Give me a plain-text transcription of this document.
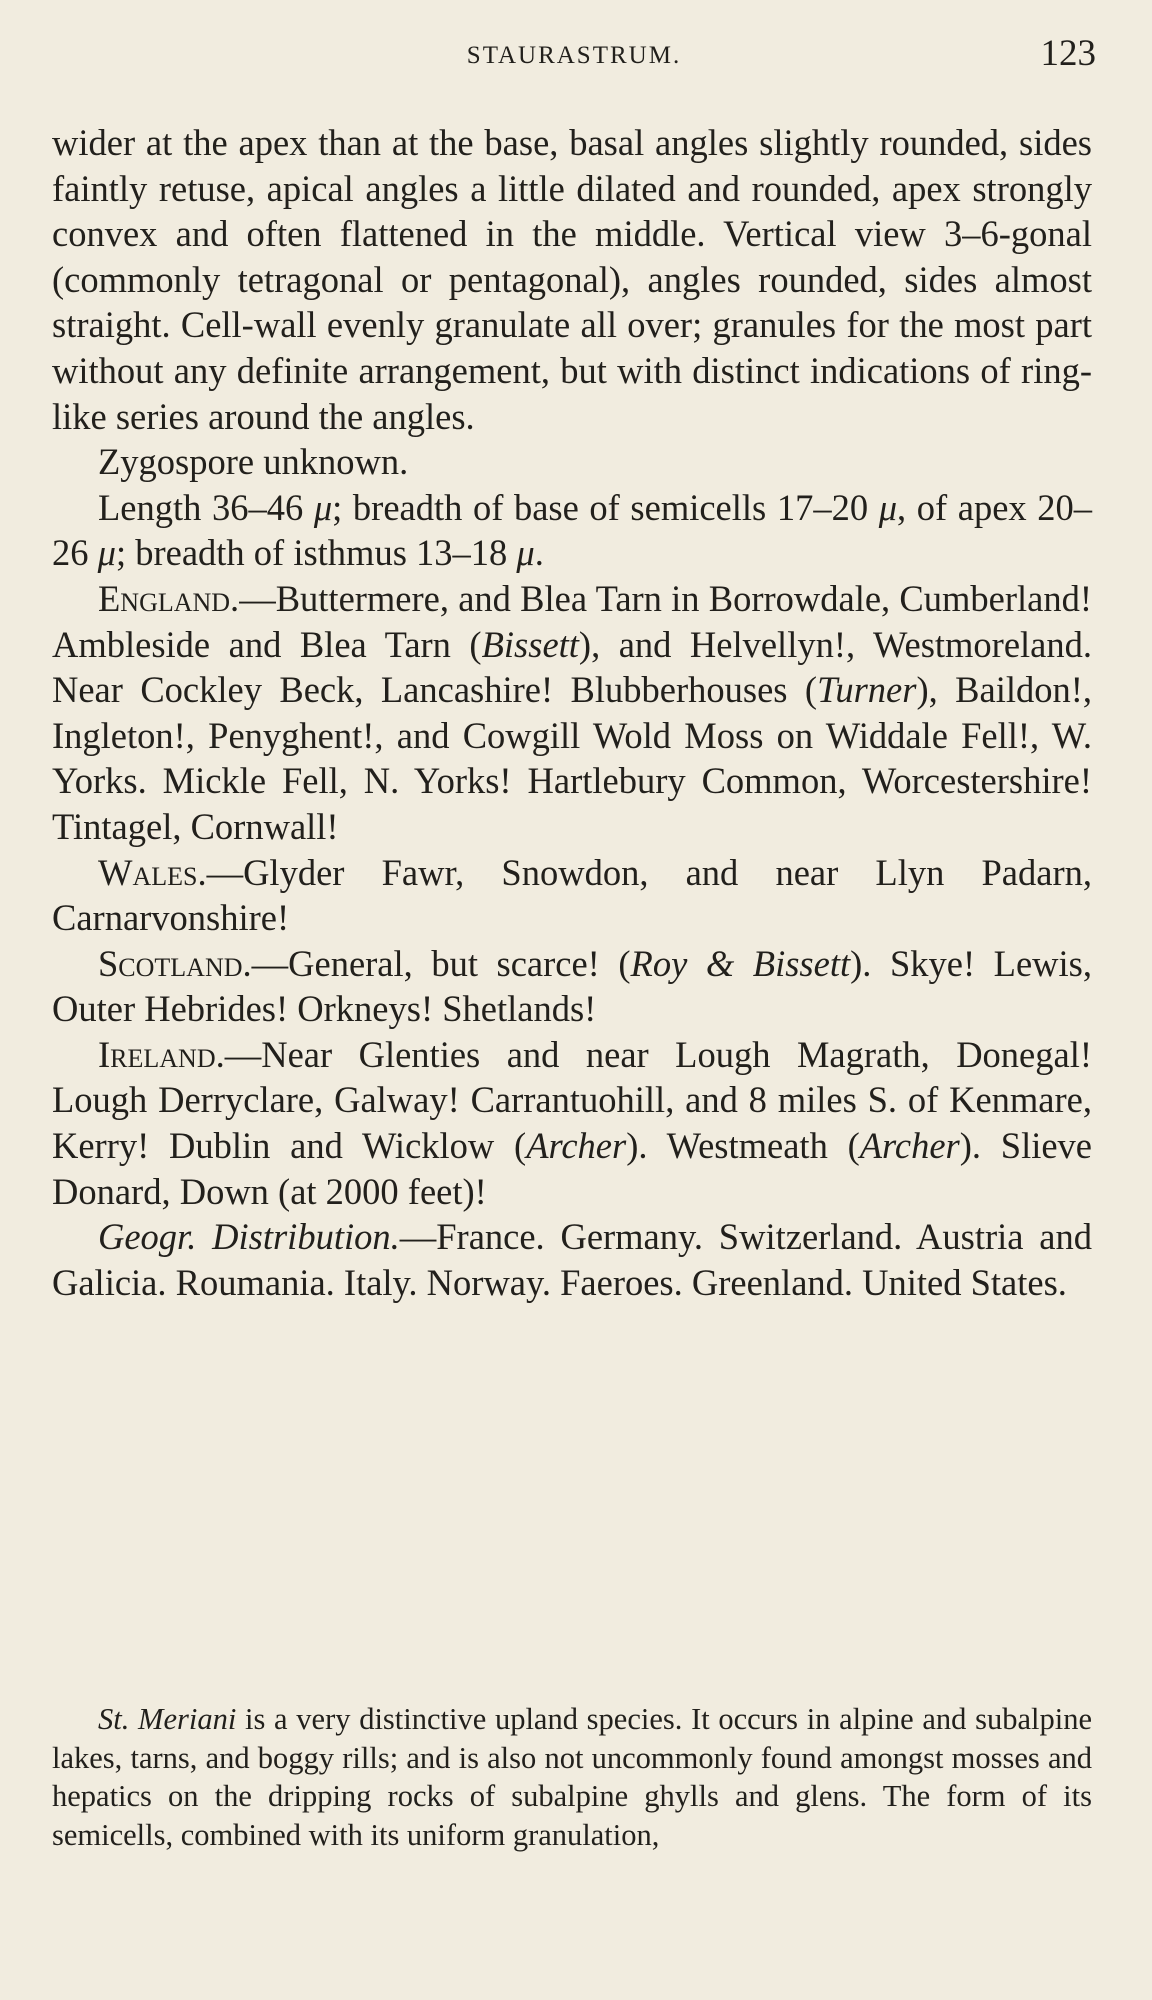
STAURASTRUM.	123

wider at the apex than at the base, basal angles slightly rounded, sides faintly retuse, apical angles a little dilated and rounded, apex strongly convex and often flattened in the middle. Vertical view 3–6-gonal (commonly tetragonal or pentagonal), angles rounded, sides almost straight. Cell-wall evenly granulate all over; granules for the most part without any definite arrangement, but with distinct indications of ring-like series around the angles.

Zygospore unknown.

Length 36–46 μ; breadth of base of semicells 17–20 μ, of apex 20–26 μ; breadth of isthmus 13–18 μ.

England.—Buttermere, and Blea Tarn in Borrowdale, Cumberland! Ambleside and Blea Tarn (Bissett), and Helvellyn!, Westmoreland. Near Cockley Beck, Lancashire! Blubberhouses (Turner), Baildon!, Ingleton!, Penyghent!, and Cowgill Wold Moss on Widdale Fell!, W. Yorks. Mickle Fell, N. Yorks! Hartlebury Common, Worcestershire! Tintagel, Cornwall!

Wales.—Glyder Fawr, Snowdon, and near Llyn Padarn, Carnarvonshire!

Scotland.—General, but scarce! (Roy & Bissett). Skye! Lewis, Outer Hebrides! Orkneys! Shetlands!

Ireland.—Near Glenties and near Lough Magrath, Donegal! Lough Derryclare, Galway! Carrantuohill, and 8 miles S. of Kenmare, Kerry! Dublin and Wicklow (Archer). Westmeath (Archer). Slieve Donard, Down (at 2000 feet)!

Geogr. Distribution.—France. Germany. Switzerland. Austria and Galicia. Roumania. Italy. Norway. Faeroes. Greenland. United States.

St. Meriani is a very distinctive upland species. It occurs in alpine and subalpine lakes, tarns, and boggy rills; and is also not uncommonly found amongst mosses and hepatics on the dripping rocks of subalpine ghylls and glens. The form of its semicells, combined with its uniform granulation,
